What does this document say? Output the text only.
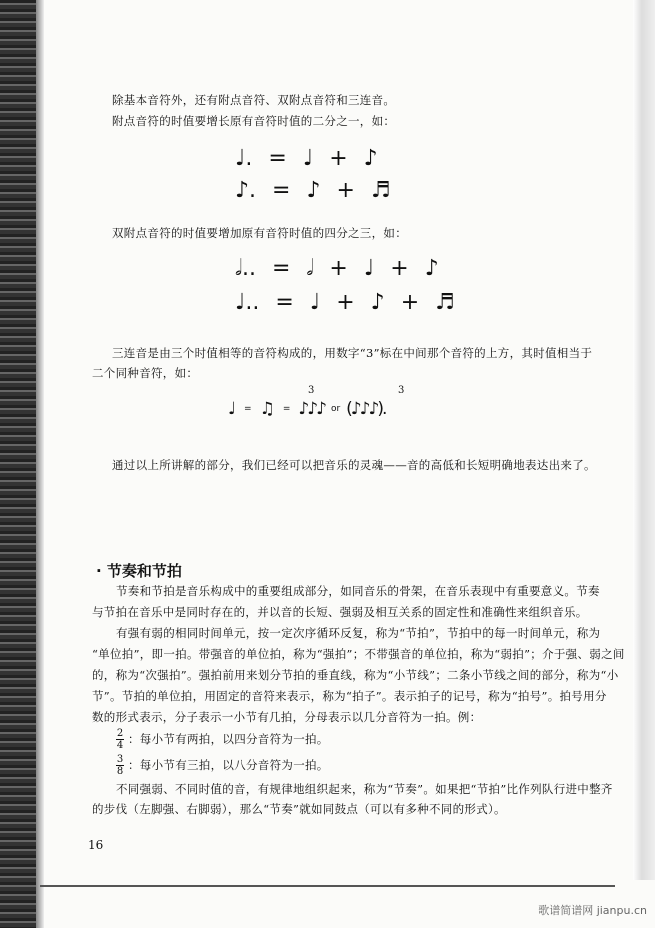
除基本音符外，还有附点音符、双附点音符和三连音。
附点音符的时值要增长原有音符时值的二分之一，如：
♩. = ♩ + ♪
♪. = ♪ + ♬
双附点音符的时值要增加原有音符时值的四分之三，如：
𝅗𝅥.. = 𝅗𝅥 + ♩ + ♪
♩.. = ♩ + ♪ + ♬
三连音是由三个时值相等的音符构成的，用数字“3”标在中间那个音符的上方，其时值相当于
二个同种音符，如：
3	3
♩ = ♫ = ♪♪♪ or (♪♪♪).
通过以上所讲解的部分，我们已经可以把音乐的灵魂——音的高低和长短明确地表达出来了。
· 节奏和节拍
节奏和节拍是音乐构成中的重要组成部分，如同音乐的骨架，在音乐表现中有重要意义。节奏
与节拍在音乐中是同时存在的，并以音的长短、强弱及相互关系的固定性和准确性来组织音乐。
有强有弱的相同时间单元，按一定次序循环反复，称为“节拍”，节拍中的每一时间单元，称为
“单位拍”，即一拍。带强音的单位拍，称为“强拍”；不带强音的单位拍，称为“弱拍”；介于强、弱之间
的，称为“次强拍”。强拍前用来划分节拍的垂直线，称为“小节线”；二条小节线之间的部分，称为“小
节”。节拍的单位拍，用固定的音符来表示，称为“拍子”。表示拍子的记号，称为“拍号”。拍号用分
数的形式表示，分子表示一小节有几拍，分母表示以几分音符为一拍。例：
$\frac{2}{4}$ ：每小节有两拍，以四分音符为一拍。
$\frac{3}{8}$ ：每小节有三拍，以八分音符为一拍。
不同强弱、不同时值的音，有规律地组织起来，称为“节奏”。如果把“节拍”比作列队行进中整齐
的步伐（左脚强、右脚弱），那么“节奏”就如同鼓点（可以有多种不同的形式）。
16
歌谱简谱网 jianpu.cn
